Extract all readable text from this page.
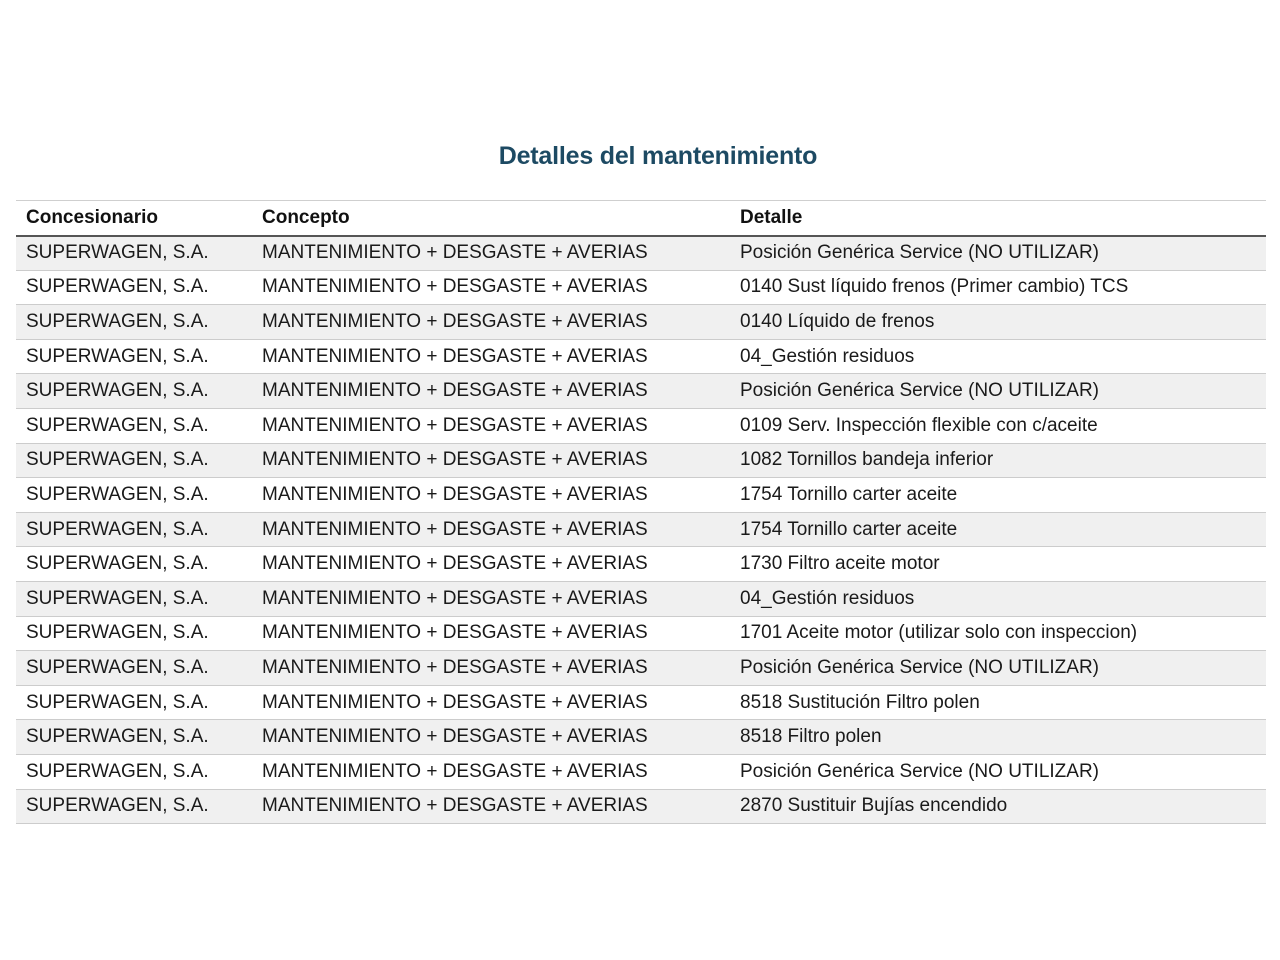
Detalles del mantenimiento
Concesionario	Concepto	Detalle
SUPERWAGEN, S.A.	MANTENIMIENTO + DESGASTE + AVERIAS	Posición Genérica Service (NO UTILIZAR)
SUPERWAGEN, S.A.	MANTENIMIENTO + DESGASTE + AVERIAS	0140 Sust líquido frenos (Primer cambio) TCS
SUPERWAGEN, S.A.	MANTENIMIENTO + DESGASTE + AVERIAS	0140 Líquido de frenos
SUPERWAGEN, S.A.	MANTENIMIENTO + DESGASTE + AVERIAS	04_Gestión residuos
SUPERWAGEN, S.A.	MANTENIMIENTO + DESGASTE + AVERIAS	Posición Genérica Service (NO UTILIZAR)
SUPERWAGEN, S.A.	MANTENIMIENTO + DESGASTE + AVERIAS	0109 Serv. Inspección flexible con c/aceite
SUPERWAGEN, S.A.	MANTENIMIENTO + DESGASTE + AVERIAS	1082 Tornillos bandeja inferior
SUPERWAGEN, S.A.	MANTENIMIENTO + DESGASTE + AVERIAS	1754 Tornillo carter aceite
SUPERWAGEN, S.A.	MANTENIMIENTO + DESGASTE + AVERIAS	1754 Tornillo carter aceite
SUPERWAGEN, S.A.	MANTENIMIENTO + DESGASTE + AVERIAS	1730 Filtro aceite motor
SUPERWAGEN, S.A.	MANTENIMIENTO + DESGASTE + AVERIAS	04_Gestión residuos
SUPERWAGEN, S.A.	MANTENIMIENTO + DESGASTE + AVERIAS	1701 Aceite motor (utilizar solo con inspeccion)
SUPERWAGEN, S.A.	MANTENIMIENTO + DESGASTE + AVERIAS	Posición Genérica Service (NO UTILIZAR)
SUPERWAGEN, S.A.	MANTENIMIENTO + DESGASTE + AVERIAS	8518 Sustitución Filtro polen
SUPERWAGEN, S.A.	MANTENIMIENTO + DESGASTE + AVERIAS	8518 Filtro polen
SUPERWAGEN, S.A.	MANTENIMIENTO + DESGASTE + AVERIAS	Posición Genérica Service (NO UTILIZAR)
SUPERWAGEN, S.A.	MANTENIMIENTO + DESGASTE + AVERIAS	2870 Sustituir Bujías encendido
